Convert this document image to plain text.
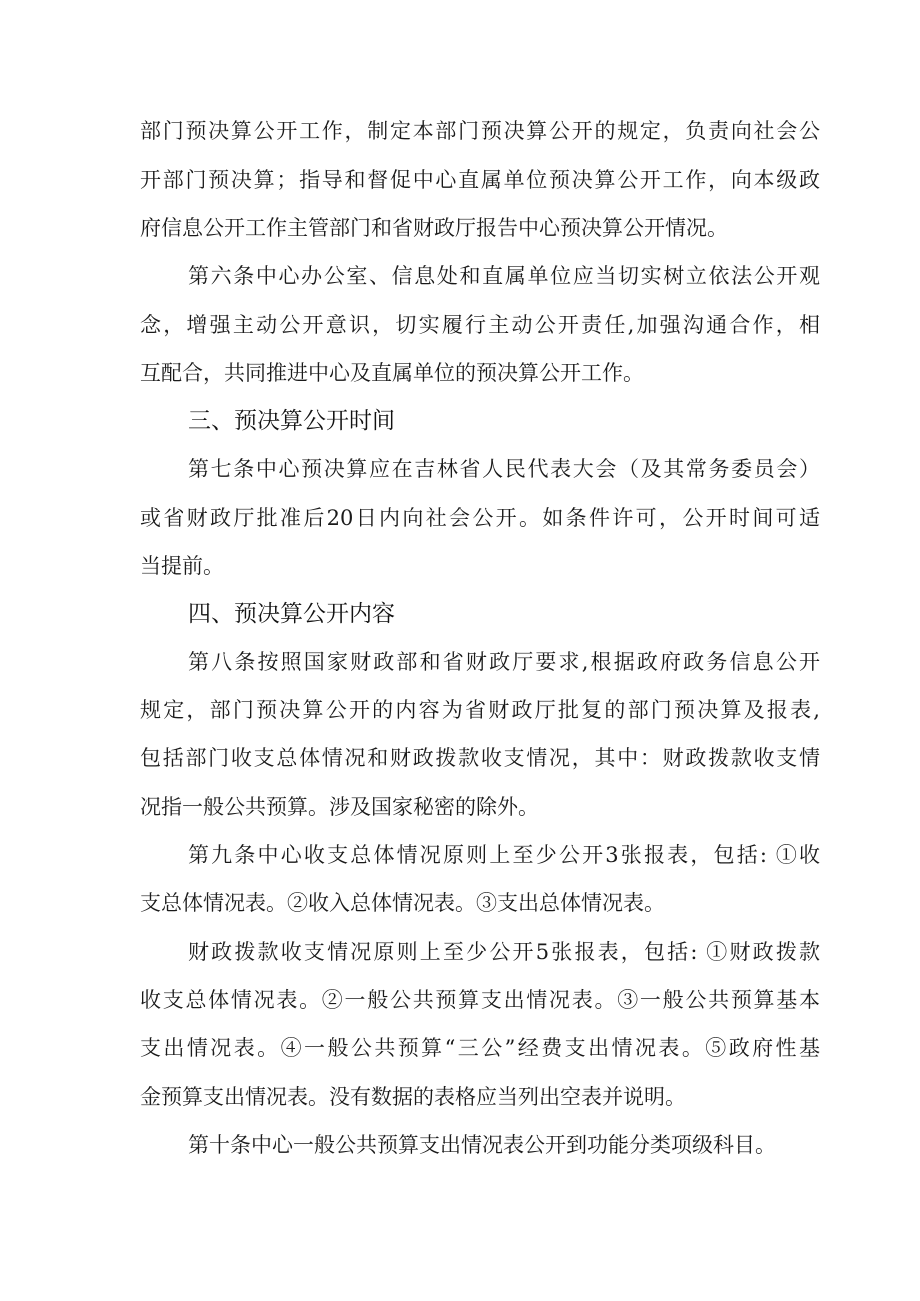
部门预决算公开工作，制定本部门预决算公开的规定，负责向社会公
开部门预决算；指导和督促中心直属单位预决算公开工作，向本级政
府信息公开工作主管部门和省财政厅报告中心预决算公开情况。
第六条中心办公室、信息处和直属单位应当切实树立依法公开观
念，增强主动公开意识，切实履行主动公开责任,加强沟通合作，相
互配合，共同推进中心及直属单位的预决算公开工作。
三、预决算公开时间
第七条中心预决算应在吉林省人民代表大会（及其常务委员会）
或省财政厅批准后20日内向社会公开。如条件许可，公开时间可适
当提前。
四、预决算公开内容
第八条按照国家财政部和省财政厅要求,根据政府政务信息公开
规定，部门预决算公开的内容为省财政厅批复的部门预决算及报表,
包括部门收支总体情况和财政拨款收支情况，其中：财政拨款收支情
况指一般公共预算。涉及国家秘密的除外。
第九条中心收支总体情况原则上至少公开3张报表，包括: ①收
支总体情况表。②收入总体情况表。③支出总体情况表。
财政拨款收支情况原则上至少公开5张报表，包括: ①财政拨款
收支总体情况表。②一般公共预算支出情况表。③一般公共预算基本
支出情况表。④一般公共预算“三公”经费支出情况表。⑤政府性基
金预算支出情况表。没有数据的表格应当列出空表并说明。
第十条中心一般公共预算支出情况表公开到功能分类项级科目。
